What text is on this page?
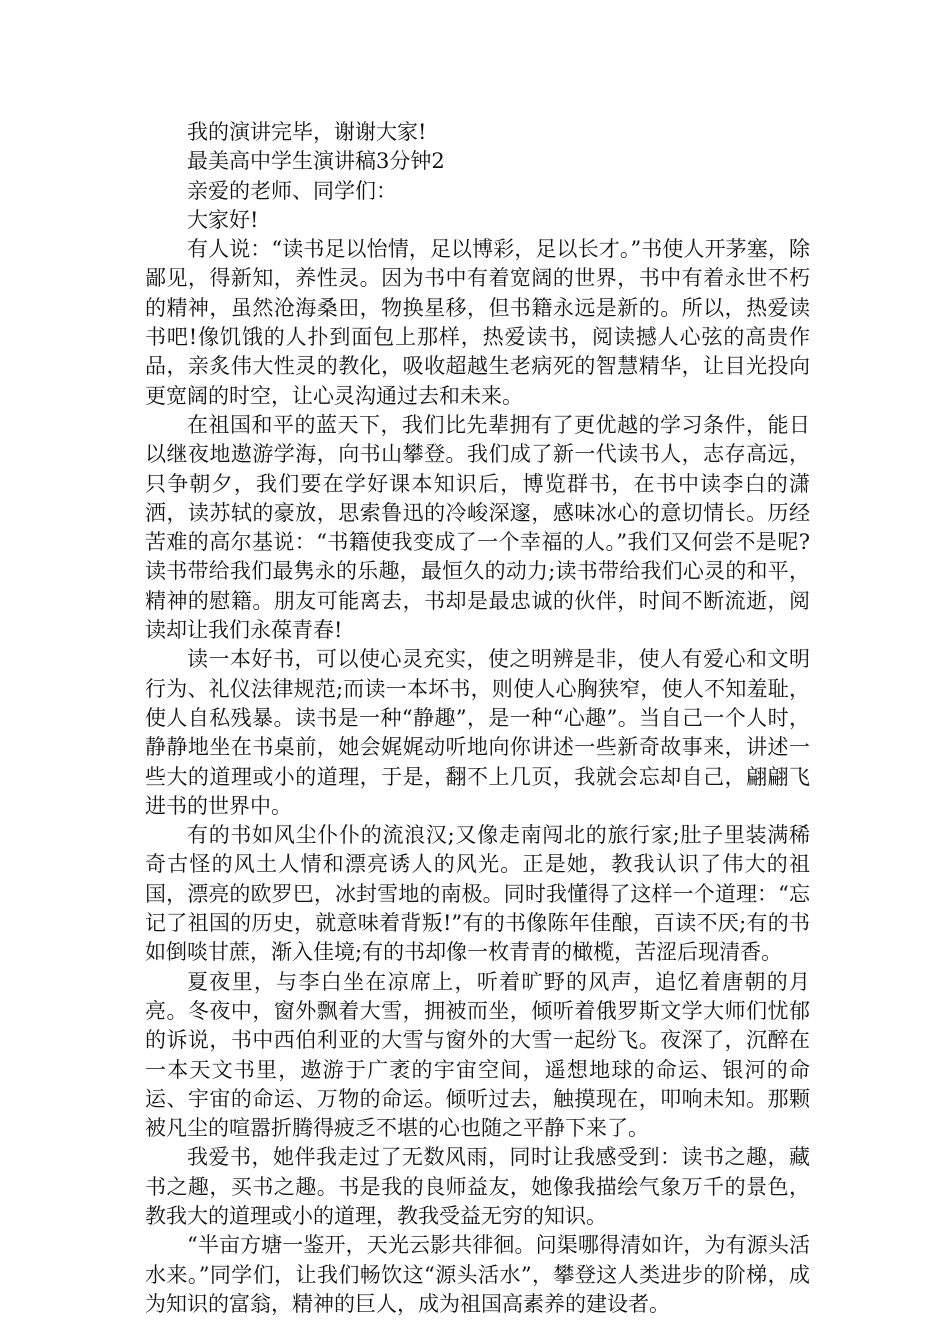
我的演讲完毕，谢谢大家!

最美高中学生演讲稿3分钟2

亲爱的老师、同学们：

大家好!

有人说：“读书足以怡情，足以博彩，足以长才。”书使人开茅塞，除鄙见，得新知，养性灵。因为书中有着宽阔的世界，书中有着永世不朽的精神，虽然沧海桑田，物换星移，但书籍永远是新的。所以，热爱读书吧!像饥饿的人扑到面包上那样，热爱读书，阅读撼人心弦的高贵作品，亲炙伟大性灵的教化，吸收超越生老病死的智慧精华，让目光投向更宽阔的时空，让心灵沟通过去和未来。

在祖国和平的蓝天下，我们比先辈拥有了更优越的学习条件，能日以继夜地遨游学海，向书山攀登。我们成了新一代读书人，志存高远，只争朝夕，我们要在学好课本知识后，博览群书，在书中读李白的潇洒，读苏轼的豪放，思索鲁迅的冷峻深邃，感味冰心的意切情长。历经苦难的高尔基说：“书籍使我变成了一个幸福的人。”我们又何尝不是呢?读书带给我们最隽永的乐趣，最恒久的动力;读书带给我们心灵的和平，精神的慰籍。朋友可能离去，书却是最忠诚的伙伴，时间不断流逝，阅读却让我们永葆青春!

读一本好书，可以使心灵充实，使之明辨是非，使人有爱心和文明行为、礼仪法律规范;而读一本坏书，则使人心胸狭窄，使人不知羞耻，使人自私残暴。读书是一种“静趣”，是一种“心趣”。当自己一个人时，静静地坐在书桌前，她会娓娓动听地向你讲述一些新奇故事来，讲述一些大的道理或小的道理，于是，翻不上几页，我就会忘却自己，翩翩飞进书的世界中。

有的书如风尘仆仆的流浪汉;又像走南闯北的旅行家;肚子里装满稀奇古怪的风土人情和漂亮诱人的风光。正是她，教我认识了伟大的祖国，漂亮的欧罗巴，冰封雪地的南极。同时我懂得了这样一个道理：“忘记了祖国的历史，就意味着背叛!”有的书像陈年佳酿，百读不厌;有的书如倒啖甘蔗，渐入佳境;有的书却像一枚青青的橄榄，苦涩后现清香。

夏夜里，与李白坐在凉席上，听着旷野的风声，追忆着唐朝的月亮。冬夜中，窗外飘着大雪，拥被而坐，倾听着俄罗斯文学大师们忧郁的诉说，书中西伯利亚的大雪与窗外的大雪一起纷飞。夜深了，沉醉在一本天文书里，遨游于广袤的宇宙空间，遥想地球的命运、银河的命运、宇宙的命运、万物的命运。倾听过去，触摸现在，叩响未知。那颗被凡尘的喧嚣折腾得疲乏不堪的心也随之平静下来了。

我爱书，她伴我走过了无数风雨，同时让我感受到：读书之趣，藏书之趣，买书之趣。书是我的良师益友，她像我描绘气象万千的景色，教我大的道理或小的道理，教我受益无穷的知识。

“半亩方塘一鉴开，天光云影共徘徊。问渠哪得清如许，为有源头活水来。”同学们，让我们畅饮这“源头活水”，攀登这人类进步的阶梯，成为知识的富翁，精神的巨人，成为祖国高素养的建设者。
